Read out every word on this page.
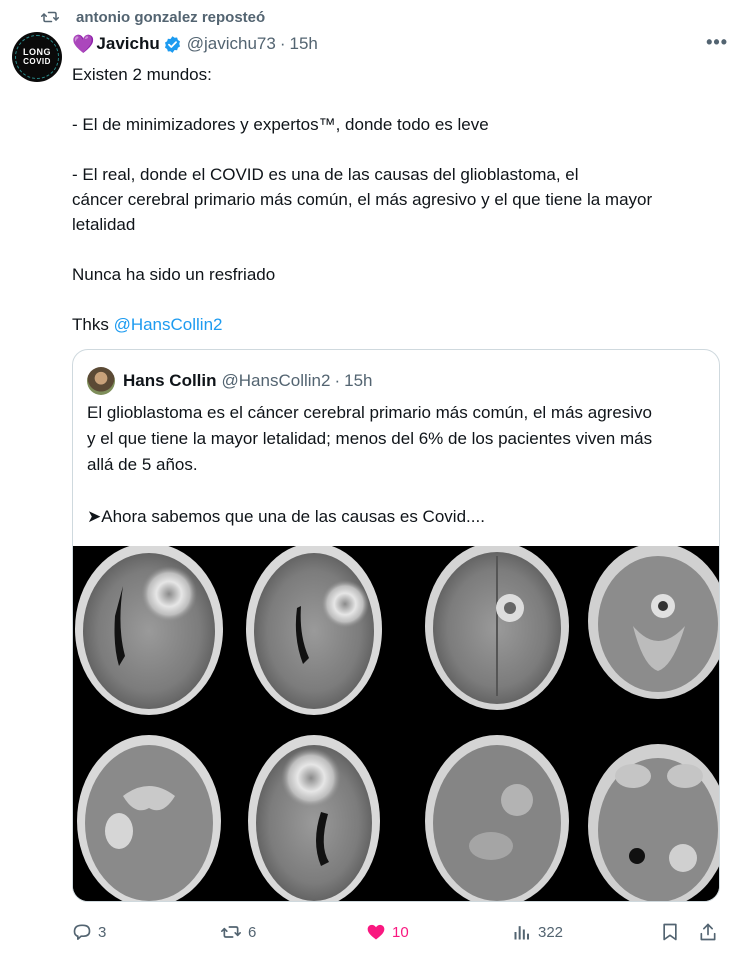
antonio gonzalez reposteó
LONG
COVID
💜 Javichu @javichu73 · 15h	•••

Existen 2 mundos:

- El de minimizadores y expertos™, donde todo es leve

- El real, donde el COVID es una de las causas del glioblastoma, el

cáncer cerebral primario más común, el más agresivo y el que tiene la mayor

letalidad

Nunca ha sido un resfriado

Thks @HansCollin2

Hans Collin @HansCollin2 · 15h

El glioblastoma es el cáncer cerebral primario más común, el más agresivo

y el que tiene la mayor letalidad; menos del 6% de los pacientes viven más

allá de 5 años.

➤Ahora sabemos que una de las causas es Covid....

3	6	10	322
